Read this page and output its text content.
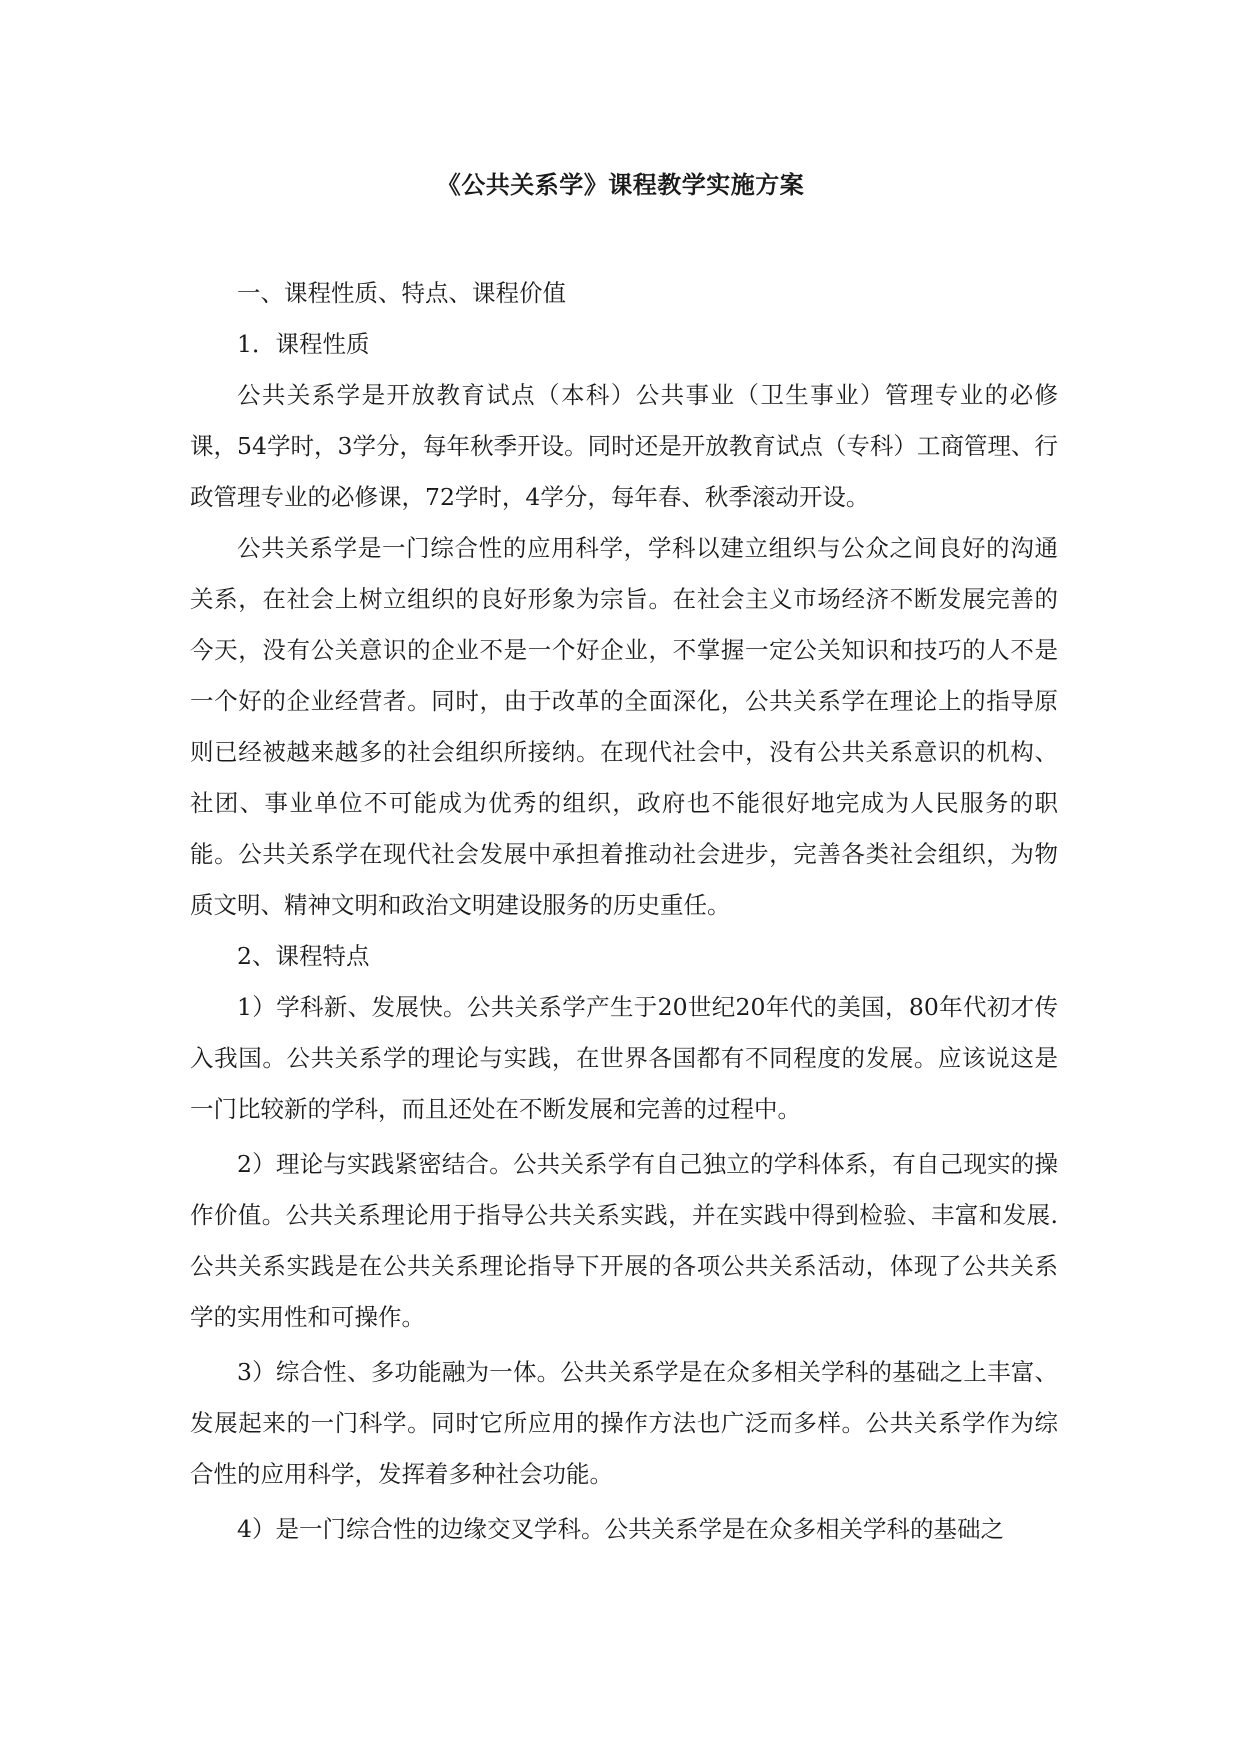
《公共关系学》课程教学实施方案

一、课程性质、特点、课程价值

1．课程性质

公共关系学是开放教育试点（本科）公共事业（卫生事业）管理专业的必修课，54学时，3学分，每年秋季开设。同时还是开放教育试点（专科）工商管理、行政管理专业的必修课，72学时，4学分，每年春、秋季滚动开设。

公共关系学是一门综合性的应用科学，学科以建立组织与公众之间良好的沟通关系，在社会上树立组织的良好形象为宗旨。在社会主义市场经济不断发展完善的今天，没有公关意识的企业不是一个好企业，不掌握一定公关知识和技巧的人不是一个好的企业经营者。同时，由于改革的全面深化，公共关系学在理论上的指导原则已经被越来越多的社会组织所接纳。在现代社会中，没有公共关系意识的机构、社团、事业单位不可能成为优秀的组织，政府也不能很好地完成为人民服务的职能。公共关系学在现代社会发展中承担着推动社会进步，完善各类社会组织，为物质文明、精神文明和政治文明建设服务的历史重任。

2、课程特点

1）学科新、发展快。公共关系学产生于20世纪20年代的美国，80年代初才传入我国。公共关系学的理论与实践，在世界各国都有不同程度的发展。应该说这是一门比较新的学科，而且还处在不断发展和完善的过程中。

2）理论与实践紧密结合。公共关系学有自己独立的学科体系，有自己现实的操作价值。公共关系理论用于指导公共关系实践，并在实践中得到检验、丰富和发展. 公共关系实践是在公共关系理论指导下开展的各项公共关系活动，体现了公共关系学的实用性和可操作。

3）综合性、多功能融为一体。公共关系学是在众多相关学科的基础之上丰富、发展起来的一门科学。同时它所应用的操作方法也广泛而多样。公共关系学作为综合性的应用科学，发挥着多种社会功能。

4）是一门综合性的边缘交叉学科。公共关系学是在众多相关学科的基础之
